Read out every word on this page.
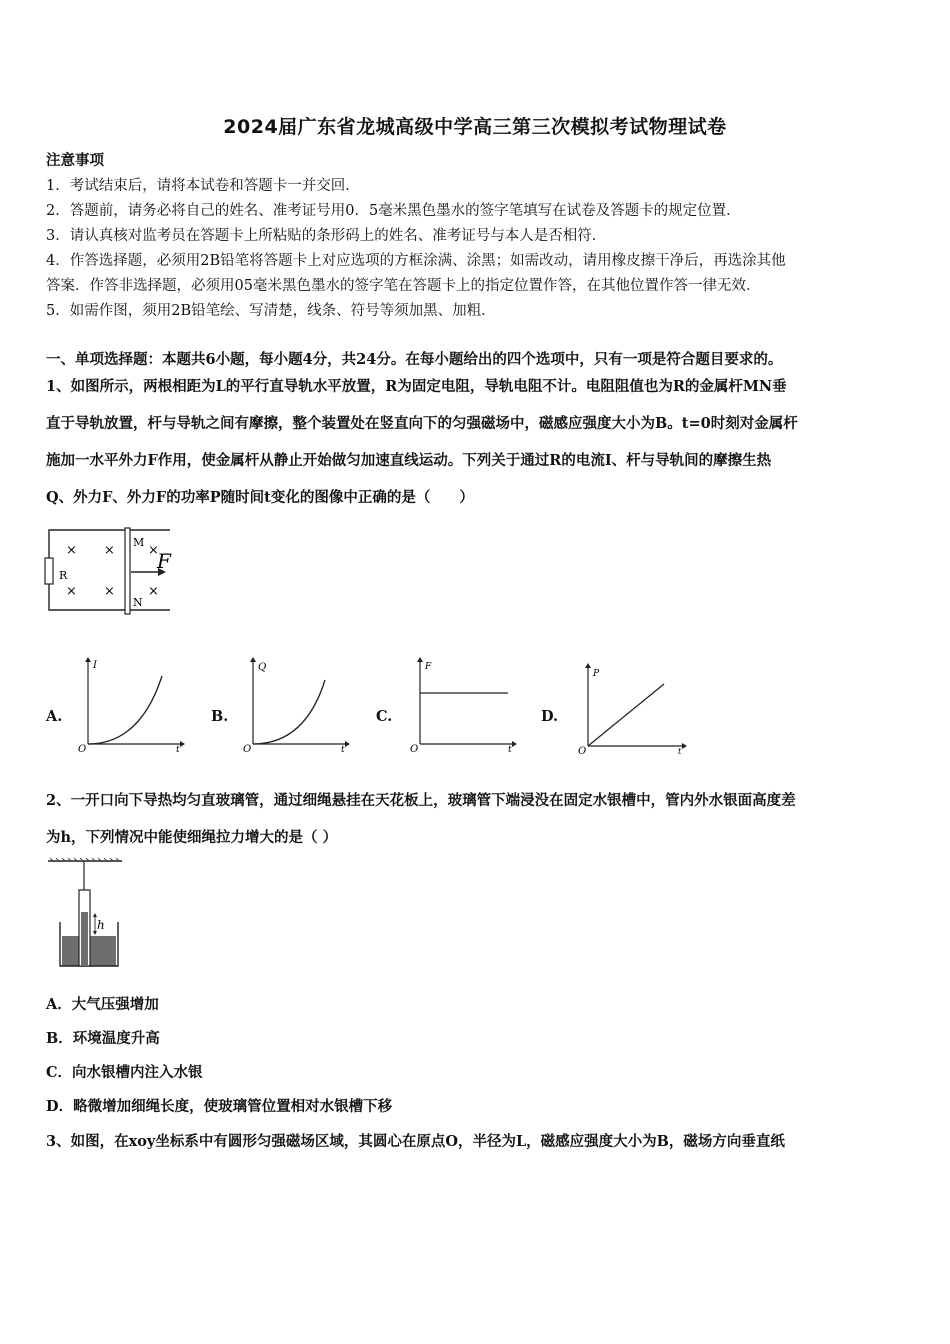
2024届广东省龙城高级中学高三第三次模拟考试物理试卷
注意事项
1．考试结束后，请将本试卷和答题卡一并交回．
2．答题前，请务必将自己的姓名、准考证号用0．5毫米黑色墨水的签字笔填写在试卷及答题卡的规定位置．
3．请认真核对监考员在答题卡上所粘贴的条形码上的姓名、准考证号与本人是否相符．
4．作答选择题，必须用2B铅笔将答题卡上对应选项的方框涂满、涂黑；如需改动，请用橡皮擦干净后，再选涂其他
答案．作答非选择题，必须用05毫米黑色墨水的签字笔在答题卡上的指定位置作答，在其他位置作答一律无效．
5．如需作图，须用2B铅笔绘、写清楚，线条、符号等须加黑、加粗．
一、单项选择题：本题共6小题，每小题4分，共24分。在每小题给出的四个选项中，只有一项是符合题目要求的。
1、如图所示，两根相距为L的平行直导轨水平放置，R为固定电阻，导轨电阻不计。电阻阻值也为R的金属杆MN垂
直于导轨放置，杆与导轨之间有摩擦，整个装置处在竖直向下的匀强磁场中，磁感应强度大小为B。t=0时刻对金属杆
施加一水平外力F作用，使金属杆从静止开始做匀加速直线运动。下列关于通过R的电流I、杆与导轨间的摩擦生热
Q、外力F、外力F的功率P随时间t变化的图像中正确的是（　　）
R
M
N
F
× ×
× ×
×
×
A.
I
t
O
B.
Q
t
O
C.
F
t
O
D.
P
t
O
2、一开口向下导热均匀直玻璃管，通过细绳悬挂在天花板上，玻璃管下端浸没在固定水银槽中，管内外水银面高度差
为h，下列情况中能使细绳拉力增大的是（ ）
h
A．大气压强增加
B．环境温度升高
C．向水银槽内注入水银
D．略微增加细绳长度，使玻璃管位置相对水银槽下移
3、如图，在xoy坐标系中有圆形匀强磁场区域，其圆心在原点O，半径为L，磁感应强度大小为B，磁场方向垂直纸
